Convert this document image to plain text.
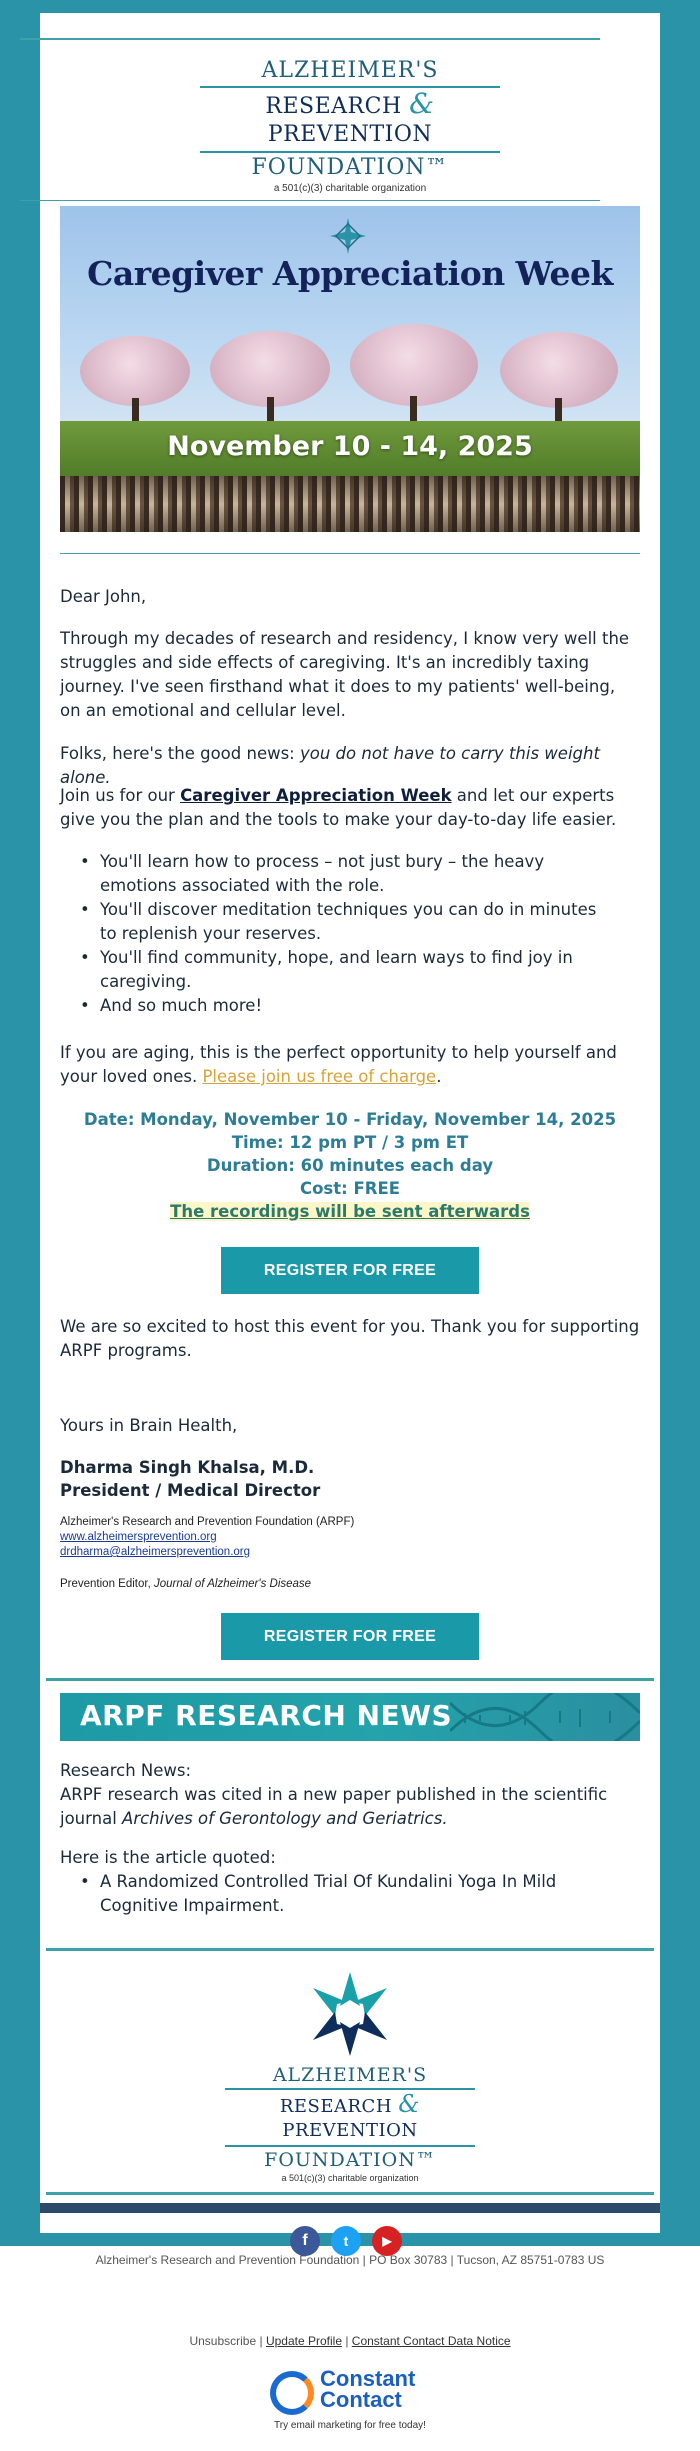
ALZHEIMER'S
RESEARCH & PREVENTION
FOUNDATION™
a 501(c)(3) charitable organization
Caregiver Appreciation Week
November 10 - 14, 2025
Dear John,
Through my decades of research and residency, I know very well the struggles and side effects of caregiving. It's an incredibly taxing journey. I've seen firsthand what it does to my patients' well-being, on an emotional and cellular level.
Folks, here's the good news: you do not have to carry this weight alone.
Join us for our Caregiver Appreciation Week and let our experts give you the plan and the tools to make your day-to-day life easier.
• You'll learn how to process – not just bury – the heavy emotions associated with the role.
• You'll discover meditation techniques you can do in minutes to replenish your reserves.
• You'll find community, hope, and learn ways to find joy in caregiving.
• And so much more!
If you are aging, this is the perfect opportunity to help yourself and your loved ones. Please join us free of charge.
Date: Monday, November 10 - Friday, November 14, 2025
Time: 12 pm PT / 3 pm ET
Duration: 60 minutes each day
Cost: FREE
The recordings will be sent afterwards
REGISTER FOR FREE
We are so excited to host this event for you. Thank you for supporting ARPF programs.
Yours in Brain Health,
Dharma Singh Khalsa, M.D.
President / Medical Director
Alzheimer's Research and Prevention Foundation (ARPF)
www.alzheimersprevention.org
drdharma@alzheimersprevention.org
Prevention Editor, Journal of Alzheimer's Disease
REGISTER FOR FREE
ARPF RESEARCH NEWS
Research News:
ARPF research was cited in a new paper published in the scientific journal Archives of Gerontology and Geriatrics.
Here is the article quoted:
• A Randomized Controlled Trial Of Kundalini Yoga In Mild Cognitive Impairment.
ALZHEIMER'S
RESEARCH & PREVENTION
FOUNDATION™
a 501(c)(3) charitable organization
f	t	▶
Alzheimer's Research and Prevention Foundation | PO Box 30783 | Tucson, AZ 85751-0783 US
Unsubscribe | Update Profile | Constant Contact Data Notice
Constant
Contact
Try email marketing for free today!
